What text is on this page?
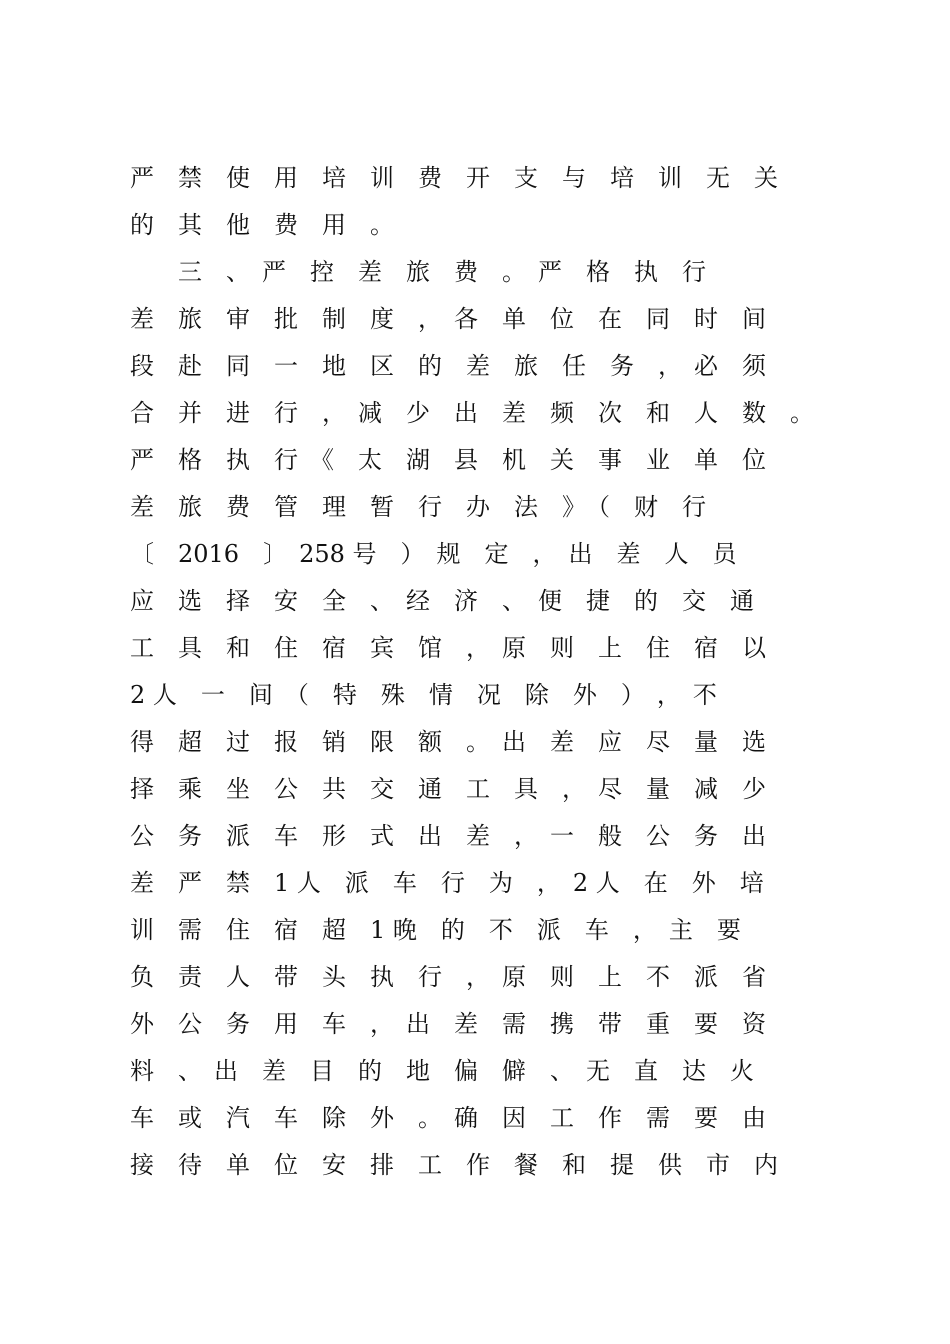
严　禁　使　用　培　训　费　开　支　与　培　训　无　关
的　其　他　费　用　。
　　三　、　严　控　差　旅　费　。　严　格　执　行
差　旅　审　批　制　度　，　各　单　位　在　同　时　间
段　赴　同　一　地　区　的　差　旅　任　务　，　必　须
合　并　进　行　，　减　少　出　差　频　次　和　人　数　。
严　格　执　行　《　太　湖　县　机　关　事　业　单　位
差　旅　费　管　理　暂　行　办　法　》　（　财　行
〔　2016　〕　258 号　）　规　定　，　出　差　人　员
应　选　择　安　全　、　经　济　、　便　捷　的　交　通
工　具　和　住　宿　宾　馆　，　原　则　上　住　宿　以
2 人　一　间　（　特　殊　情　况　除　外　）　，　不
得　超　过　报　销　限　额　。　出　差　应　尽　量　选
择　乘　坐　公　共　交　通　工　具　，　尽　量　减　少
公　务　派　车　形　式　出　差　，　一　般　公　务　出
差　严　禁　1 人　派　车　行　为　，　2 人　在　外　培
训　需　住　宿　超　1 晚　的　不　派　车　，　主　要
负　责　人　带　头　执　行　，　原　则　上　不　派　省
外　公　务　用　车　，　出　差　需　携　带　重　要　资
料　、　出　差　目　的　地　偏　僻　、　无　直　达　火
车　或　汽　车　除　外　。　确　因　工　作　需　要　由
接　待　单　位　安　排　工　作　餐　和　提　供　市　内
